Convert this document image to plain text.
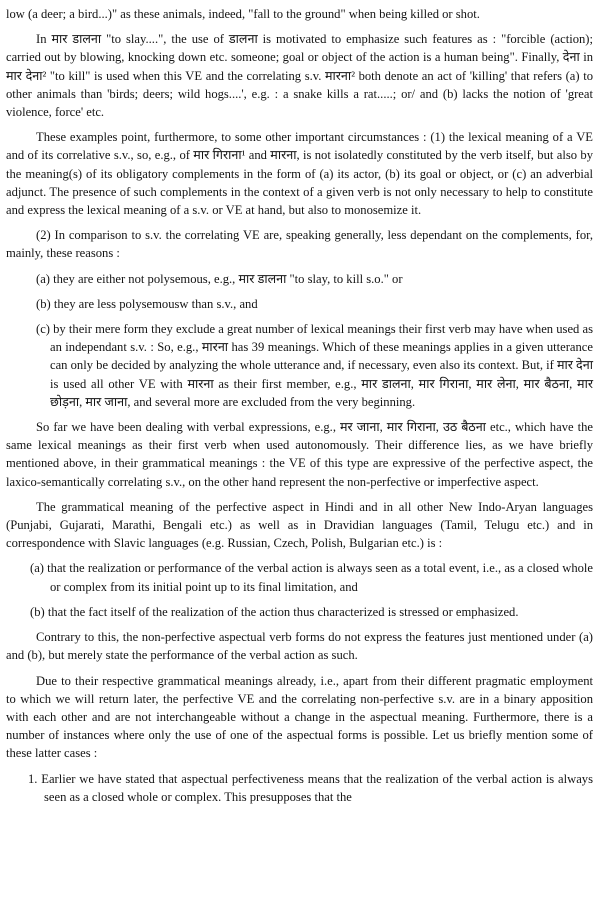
low (a deer; a bird...)" as these animals, indeed, "fall to the ground" when being killed or shot.

In मार डालना "to slay....", the use of डालना is motivated to emphasize such features as : "forcible (action); carried out by blowing, knocking down etc. someone; goal or object of the action is a human being". Finally, देना in मार देना² "to kill" is used when this VE and the correlating s.v. मारना² both denote an act of 'killing' that refers (a) to other animals than 'birds; deers; wild hogs....', e.g. : a snake kills a rat.....; or/ and (b) lacks the notion of 'great violence, force' etc.

These examples point, furthermore, to some other important circumstances : (1) the lexical meaning of a VE and of its correlative s.v., so, e.g., of मार गिराना¹ and मारना, is not isolatedly constituted by the verb itself, but also by the meaning(s) of its obligatory complements in the form of (a) its actor, (b) its goal or object, or (c) an adverbial adjunct. The presence of such complements in the context of a given verb is not only necessary to help to constitute and express the lexical meaning of a s.v. or VE at hand, but also to monosemize it.

(2) In comparison to s.v. the correlating VE are, speaking generally, less dependant on the complements, for, mainly, these reasons :

(a) they are either not polysemous, e.g., मार डालना "to slay, to kill s.o." or

(b) they are less polysemousw than s.v., and

(c) by their mere form they exclude a great number of lexical meanings their first verb may have when used as an independant s.v. : So, e.g., मारना has 39 meanings. Which of these meanings applies in a given utterance can only be decided by analyzing the whole utterance and, if necessary, even also its context. But, if मार देना is used all other VE with मारना as their first member, e.g., मार डालना, मार गिराना, मार लेना, मार बैठना, मार छोड़ना, मार जाना, and several more are excluded from the very beginning.

So far we have been dealing with verbal expressions, e.g., मर जाना, मार गिराना, उठ बैठना etc., which have the same lexical meanings as their first verb when used autonomously. Their difference lies, as we have briefly mentioned above, in their grammatical meanings : the VE of this type are expressive of the perfective aspect, the laxico-semantically correlating s.v., on the other hand represent the non-perfective or imperfective aspect.

The grammatical meaning of the perfective aspect in Hindi and in all other New Indo-Aryan languages (Punjabi, Gujarati, Marathi, Bengali etc.) as well as in Dravidian languages (Tamil, Telugu etc.) and in correspondence with Slavic languages (e.g. Russian, Czech, Polish, Bulgarian etc.) is :

(a) that the realization or performance of the verbal action is always seen as a total event, i.e., as a closed whole or complex from its initial point up to its final limitation, and

(b) that the fact itself of the realization of the action thus characterized is stressed or emphasized.

Contrary to this, the non-perfective aspectual verb forms do not express the features just mentioned under (a) and (b), but merely state the performance of the verbal action as such.

Due to their respective grammatical meanings already, i.e., apart from their different pragmatic employment to which we will return later, the perfective VE and the correlating non-perfective s.v. are in a binary apposition with each other and are not interchangeable without a change in the aspectual meaning. Furthermore, there is a number of instances where only the use of one of the aspectual forms is possible. Let us briefly mention some of these latter cases :

1. Earlier we have stated that aspectual perfectiveness means that the realization of the verbal action is always seen as a closed whole or complex. This presupposes that the
